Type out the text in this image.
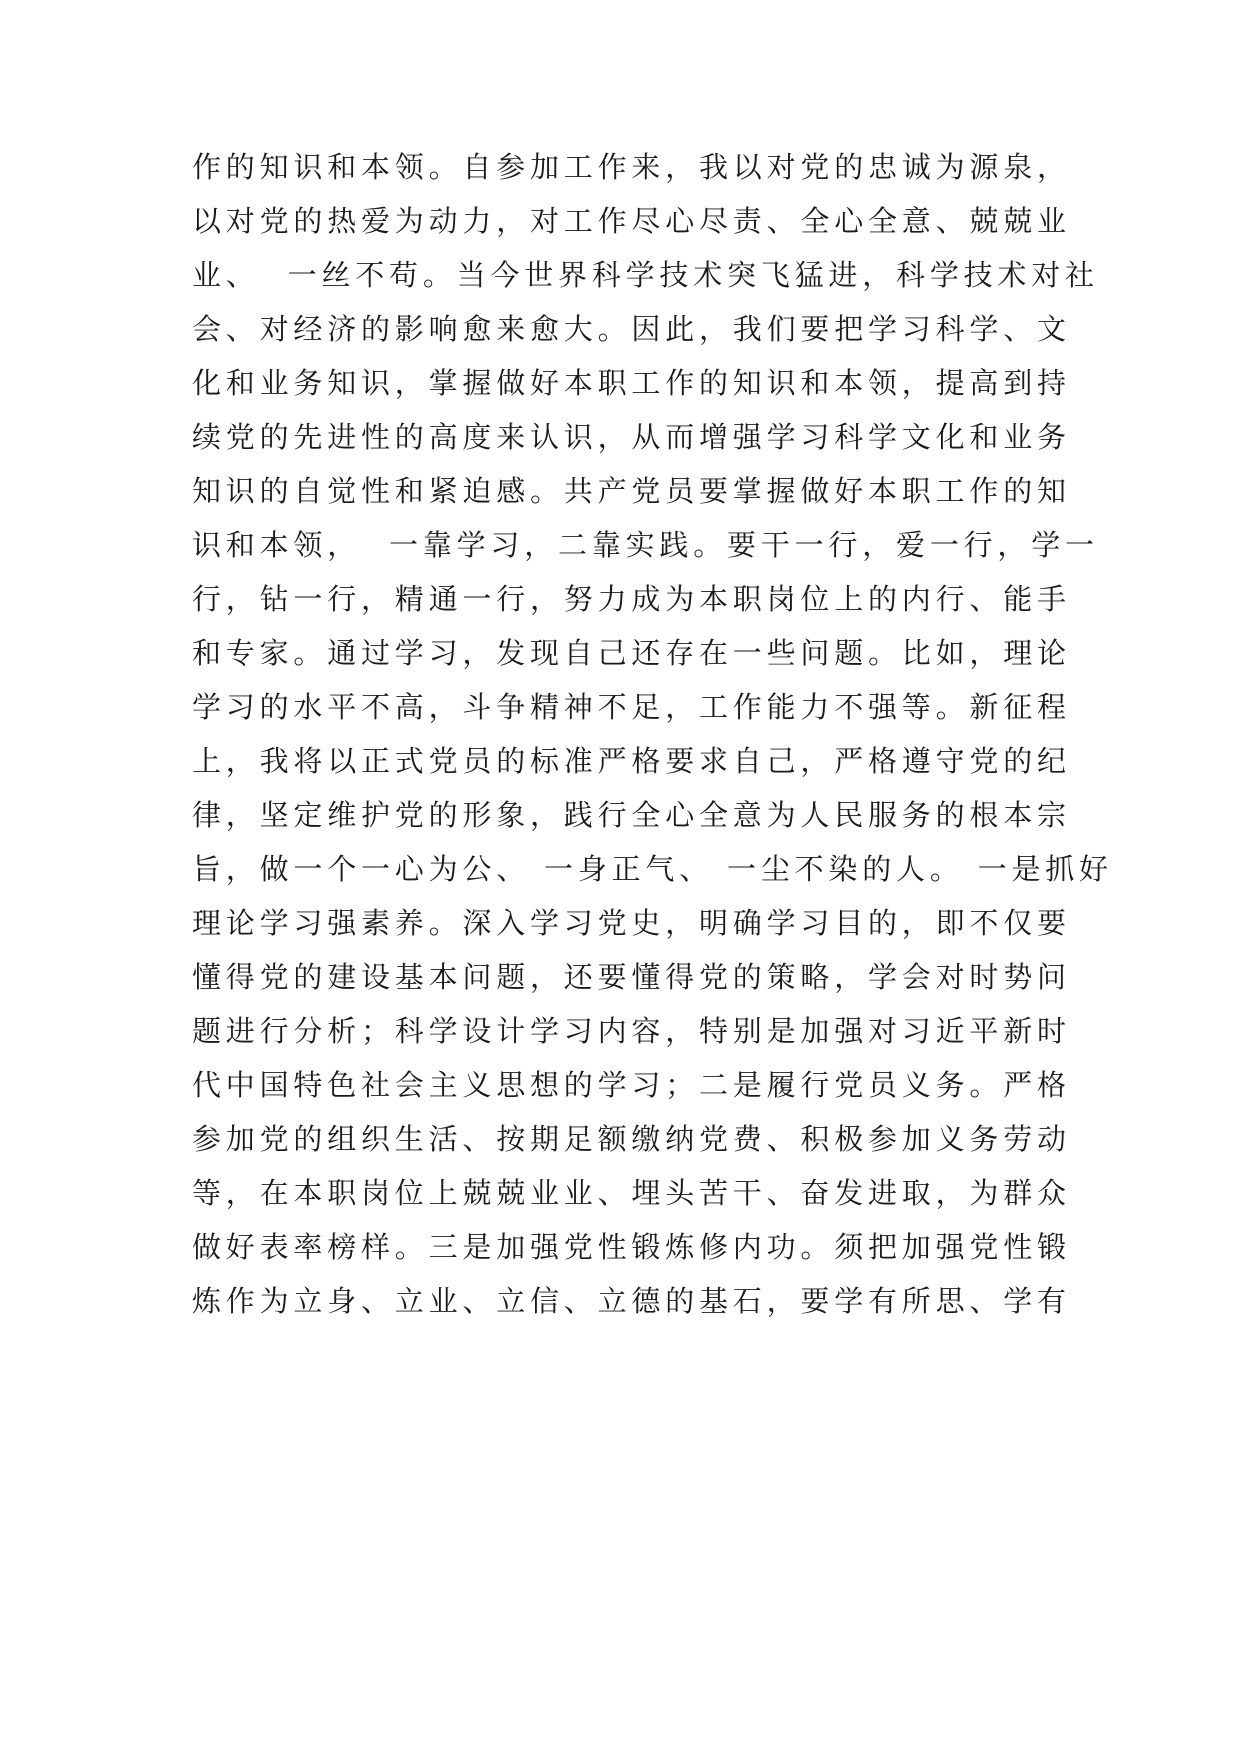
作的知识和本领。自参加工作来，我以对党的忠诚为源泉，
以对党的热爱为动力，对工作尽心尽责、全心全意、兢兢业
业、  一丝不苟。当今世界科学技术突飞猛进，科学技术对社
会、对经济的影响愈来愈大。因此，我们要把学习科学、文
化和业务知识，掌握做好本职工作的知识和本领，提高到持
续党的先进性的高度来认识，从而增强学习科学文化和业务
知识的自觉性和紧迫感。共产党员要掌握做好本职工作的知
识和本领，  一靠学习，二靠实践。要干一行，爱一行，学一
行，钻一行，精通一行，努力成为本职岗位上的内行、能手
和专家。通过学习，发现自己还存在一些问题。比如，理论
学习的水平不高，斗争精神不足，工作能力不强等。新征程
上，我将以正式党员的标准严格要求自己，严格遵守党的纪
律，坚定维护党的形象，践行全心全意为人民服务的根本宗
旨，做一个一心为公、 一身正气、 一尘不染的人。 一是抓好
理论学习强素养。深入学习党史，明确学习目的，即不仅要
懂得党的建设基本问题，还要懂得党的策略，学会对时势问
题进行分析；科学设计学习内容，特别是加强对习近平新时
代中国特色社会主义思想的学习；二是履行党员义务。严格
参加党的组织生活、按期足额缴纳党费、积极参加义务劳动
等，在本职岗位上兢兢业业、埋头苦干、奋发进取，为群众
做好表率榜样。三是加强党性锻炼修内功。须把加强党性锻
炼作为立身、立业、立信、立德的基石，要学有所思、学有
